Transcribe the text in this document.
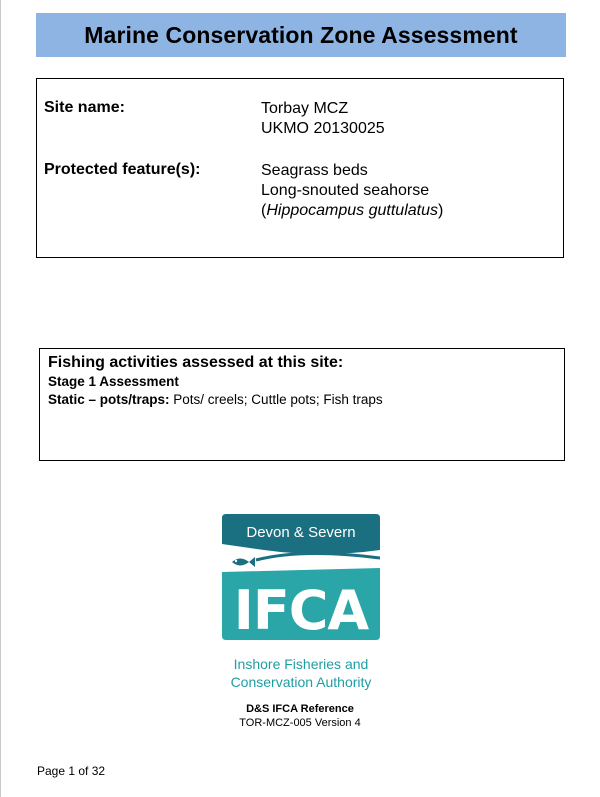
Marine Conservation Zone Assessment
Site name:	Torbay MCZ
UKMO 20130025
Protected feature(s):	Seagrass beds
Long-snouted seahorse
(Hippocampus guttulatus)
Fishing activities assessed at this site:
Stage 1 Assessment
Static – pots/traps: Pots/ creels; Cuttle pots; Fish traps
Devon & Severn
IFCA
Inshore Fisheries and
Conservation Authority
D&S IFCA Reference
TOR-MCZ-005 Version 4
Page 1 of 32
